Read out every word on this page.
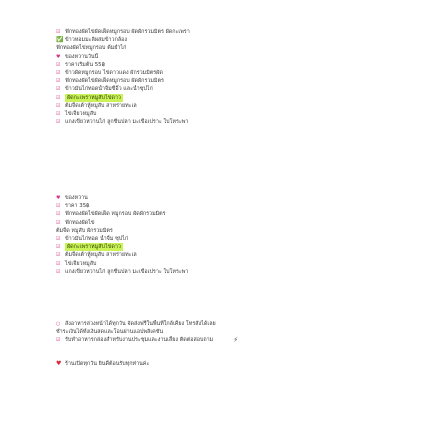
☑ ฟักทองผัดไข่ผัดเผ็ดหมูกรอบ ผัดผักรวมมิตร ผัดกะเพรา
✅ ข้าวหอมมะลิผสมข้าวกล้อง
ฟักทองผัดไข่หมูกรอบ ต้มยำไก่
♥ ของหวานวันนี้
☑ ราคาเริ่มต้น 55฿
☑ ข้าวผัดหมูกรอบ ไข่ดาวแดง ผักรวมมิตรผัด
☑ ฟักทองผัดไข่ผัดเผ็ดหมูกรอบ ผัดผักรวมมิตร
☑ ข้าวมันไก่ทอดน้ำจิ้มซีอิ๊ว และน้ำซุปไก่
☑	ผัดกะเพราหมูสับไข่ดาว
☑ ต้มจืดเต้าหู้หมูสับ สาหร่ายทะเล
☑ ไข่เจียวหมูสับ
☑ แกงเขียวหวานไก่ ลูกชิ้นปลา มะเขือเปราะ ใบโหระพา
♥ ของหวาน
☑ ราคา 35฿
☑ ฟักทองผัดไข่ผัดเผ็ด หมูกรอบ ผัดผักรวมมิตร
☑ ฟักทองผัดไข่
ต้มจืด หมูสับ ผักรวมมิตร
☑ ข้าวมันไก่ทอด น้ำจิ้ม ซุปไก่
☑	ผัดกะเพราหมูสับไข่ดาว
☑ ต้มจืดเต้าหู้หมูสับ สาหร่ายทะเล
☑ ไข่เจียวหมูสับ
☑ แกงเขียวหวานไก่ ลูกชิ้นปลา มะเขือเปราะ ใบโหระพา
○ สั่งอาหารล่วงหน้าได้ทุกวัน จัดส่งฟรีในพื้นที่ใกล้เคียง โทรสั่งได้เลย
ชำระเงินได้ทั้งเงินสดและโอนผ่านแอปพลิเคชัน
☑ รับทำอาหารกล่องสำหรับงานประชุมและงานเลี้ยง ติดต่อสอบถาม	⚡
♥ ร้านเปิดทุกวัน ยินดีต้อนรับทุกท่านค่ะ
